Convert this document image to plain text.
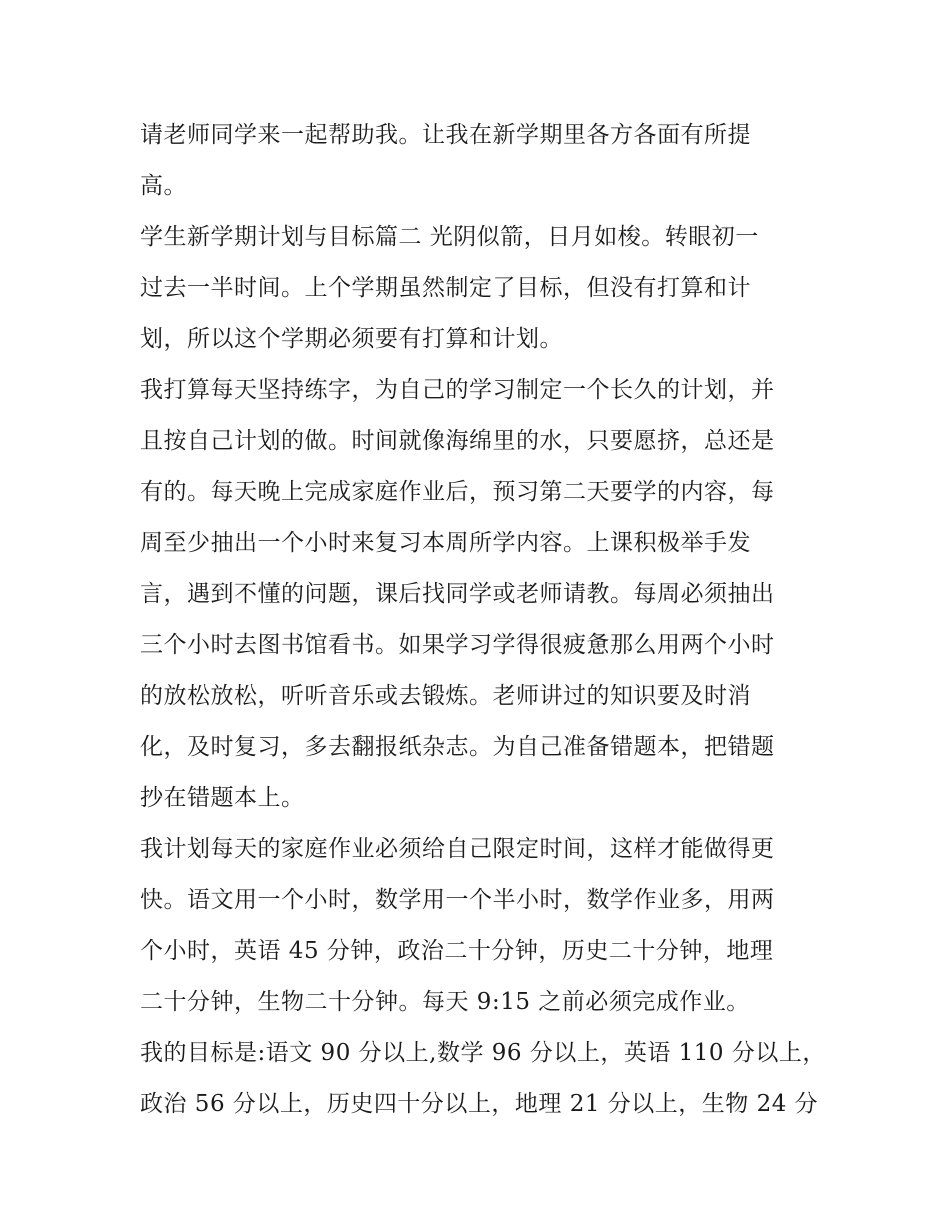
请老师同学来一起帮助我。让我在新学期里各方各面有所提
高。
学生新学期计划与目标篇二 光阴似箭，日月如梭。转眼初一
过去一半时间。上个学期虽然制定了目标，但没有打算和计
划，所以这个学期必须要有打算和计划。
我打算每天坚持练字，为自己的学习制定一个长久的计划，并
且按自己计划的做。时间就像海绵里的水，只要愿挤，总还是
有的。每天晚上完成家庭作业后，预习第二天要学的内容，每
周至少抽出一个小时来复习本周所学内容。上课积极举手发
言，遇到不懂的问题，课后找同学或老师请教。每周必须抽出
三个小时去图书馆看书。如果学习学得很疲惫那么用两个小时
的放松放松，听听音乐或去锻炼。老师讲过的知识要及时消
化，及时复习，多去翻报纸杂志。为自己准备错题本，把错题
抄在错题本上。
我计划每天的家庭作业必须给自己限定时间，这样才能做得更
快。语文用一个小时，数学用一个半小时，数学作业多，用两
个小时，英语 45 分钟，政治二十分钟，历史二十分钟，地理
二十分钟，生物二十分钟。每天 9:15 之前必须完成作业。
我的目标是:语文 90 分以上,数学 96 分以上，英语 110 分以上，
政治 56 分以上，历史四十分以上，地理 21 分以上，生物 24 分
